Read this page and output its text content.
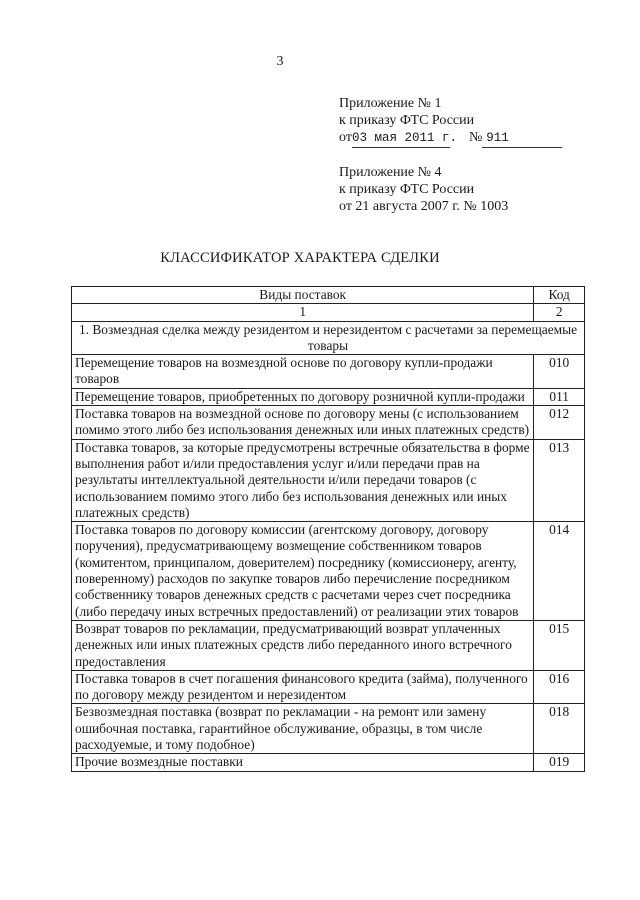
3
Приложение № 1
к приказу ФТС России
от03 мая 2011 г. № 911
Приложение № 4
к приказу ФТС России
от 21 августа 2007 г. № 1003
КЛАССИФИКАТОР ХАРАКТЕРА СДЕЛКИ
Виды поставок	Код
1	2
1. Возмездная сделка между резидентом и нерезидентом с расчетами за перемещаемые товары	
Перемещение товаров на возмездной основе по договору купли-продажи товаров	010
Перемещение товаров, приобретенных по договору розничной купли-продажи	011
Поставка товаров на возмездной основе по договору мены (с использованием помимо этого либо без использования денежных или иных платежных средств)	012
Поставка товаров, за которые предусмотрены встречные обязательства в форме выполнения работ и/или предоставления услуг и/или передачи прав на результаты интеллектуальной деятельности и/или передачи товаров (с использованием помимо этого либо без использования денежных или иных платежных средств)	013
Поставка товаров по договору комиссии (агентскому договору, договору поручения), предусматривающему возмещение собственником товаров (комитентом, принципалом, доверителем) посреднику (комиссионеру, агенту, поверенному) расходов по закупке товаров либо перечисление посредником собственнику товаров денежных средств с расчетами через счет посредника (либо передачу иных встречных предоставлений) от реализации этих товаров	014
Возврат товаров по рекламации, предусматривающий возврат уплаченных денежных или иных платежных средств либо переданного иного встречного предоставления	015
Поставка товаров в счет погашения финансового кредита (займа), полученного по договору между резидентом и нерезидентом	016
Безвозмездная поставка (возврат по рекламации - на ремонт или замену ошибочная поставка, гарантийное обслуживание, образцы, в том числе расходуемые, и тому подобное)	018
Прочие возмездные поставки	019
